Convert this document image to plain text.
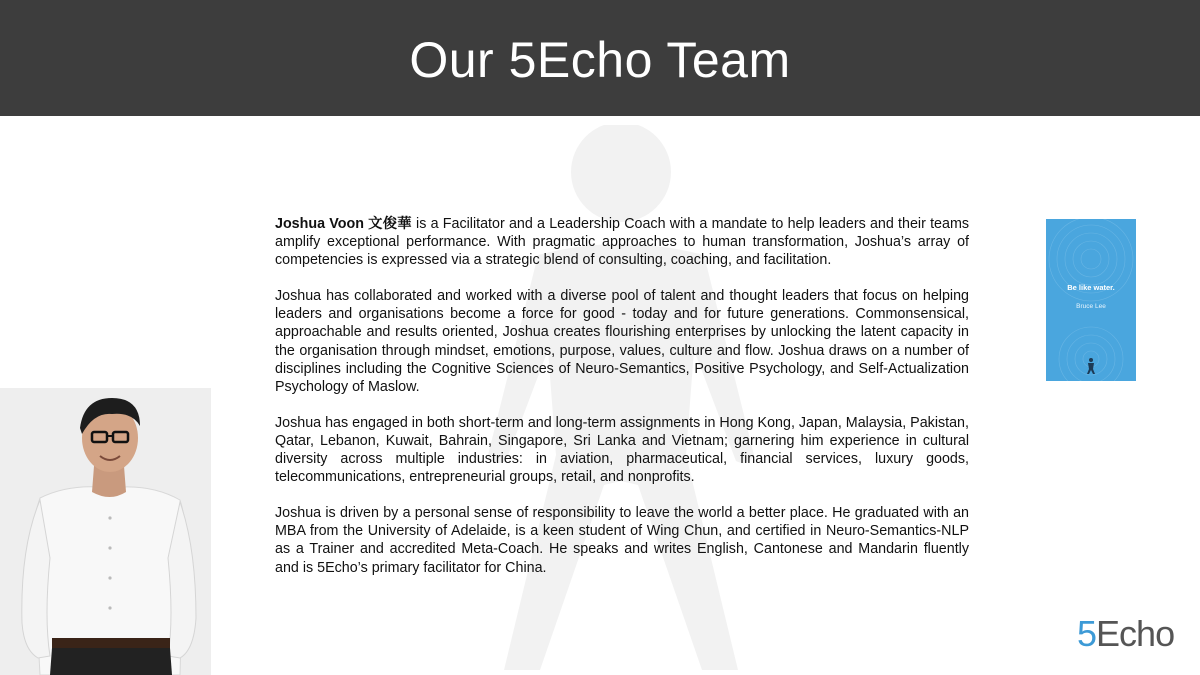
Our 5Echo Team

Joshua Voon 文俊華 is a Facilitator and a Leadership Coach with a mandate to help leaders and their teams amplify exceptional performance. With pragmatic approaches to human transformation, Joshua’s array of competencies is expressed via a strategic blend of consulting, coaching, and facilitation.

Joshua has collaborated and worked with a diverse pool of talent and thought leaders that focus on helping leaders and organisations become a force for good - today and for future generations. Commonsensical, approachable and results oriented, Joshua creates flourishing enterprises by unlocking the latent capacity in the organisation through mindset, emotions, purpose, values, culture and flow. Joshua draws on a number of disciplines including the Cognitive Sciences of Neuro-Semantics, Positive Psychology, and Self-Actualization Psychology of Maslow.

Joshua has engaged in both short-term and long-term assignments in Hong Kong, Japan, Malaysia, Pakistan, Qatar, Lebanon, Kuwait, Bahrain, Singapore, Sri Lanka and Vietnam; garnering him experience in cultural diversity across multiple industries: in aviation, pharmaceutical, financial services, luxury goods, telecommunications, entrepreneurial groups, retail, and nonprofits.

Joshua is driven by a personal sense of responsibility to leave the world a better place. He graduated with an MBA from the University of Adelaide, is a keen student of Wing Chun, and certified in Neuro-Semantics-NLP as a Trainer and accredited Meta-Coach. He speaks and writes English, Cantonese and Mandarin fluently and is 5Echo’s primary facilitator for China.

Be like water.
Bruce Lee
5Echo
